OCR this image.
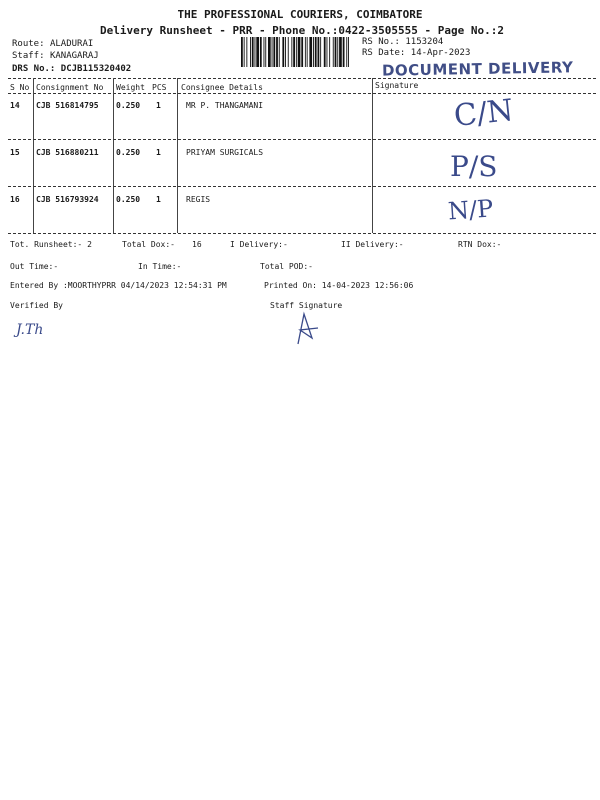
THE PROFESSIONAL COURIERS, COIMBATORE
Delivery Runsheet - PRR - Phone No.:0422-3505555 - Page No.:2
Route: ALADURAI
Staff: KANAGARAJ
DRS No.: DCJB115320402
RS No.: 1153204
RS Date: 14-Apr-2023
DOCUMENT DELIVERY
S No Consignment No Weight PCS Consignee Details	Signature
14 CJB 516814795 0.250 1	MR P. THANGAMANI	C/N
15 CJB 516880211 0.250 1	PRIYAM SURGICALS	P/S
16 CJB 516793924 0.250 1	REGIS	N/P
Tot. Runsheet:- 2	Total Dox:- 16	I Delivery:-	II Delivery:-	RTN Dox:-
Out Time:-	In Time:-	Total POD:-
Entered By :MOORTHYPRR 04/14/2023 12:54:31 PM	Printed On: 14-04-2023 12:56:06
Verified By	Staff Signature
J.Th
